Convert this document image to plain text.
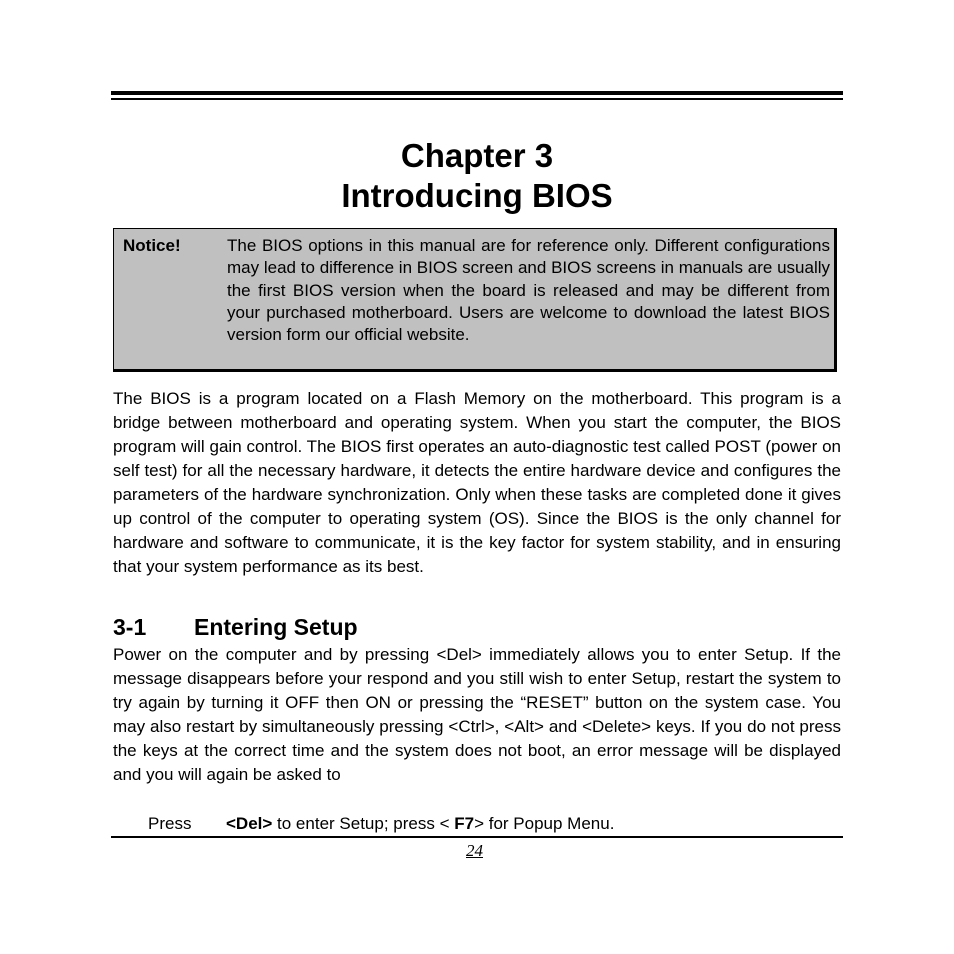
Chapter 3
Introducing BIOS
Notice!	The BIOS options in this manual are for reference only. Different configurations may lead to difference in BIOS screen and BIOS screens in manuals are usually the first BIOS version when the board is released and may be different from your purchased motherboard. Users are welcome to download the latest BIOS version form our official website.
The BIOS is a program located on a Flash Memory on the motherboard. This program is a bridge between motherboard and operating system. When you start the computer, the BIOS program will gain control. The BIOS first operates an auto-diagnostic test called POST (power on self test) for all the necessary hardware, it detects the entire hardware device and configures the parameters of the hardware synchronization. Only when these tasks are completed done it gives up control of the computer to operating system (OS). Since the BIOS is the only channel for hardware and software to communicate, it is the key factor for system stability, and in ensuring that your system performance as its best.
3-1 Entering Setup
Power on the computer and by pressing <Del> immediately allows you to enter Setup. If the message disappears before your respond and you still wish to enter Setup, restart the system to try again by turning it OFF then ON or pressing the “RESET” button on the system case. You may also restart by simultaneously pressing <Ctrl>, <Alt> and <Delete> keys. If you do not press the keys at the correct time and the system does not boot, an error message will be displayed and you will again be asked to
Press <Del> to enter Setup; press < F7> for Popup Menu.
24
